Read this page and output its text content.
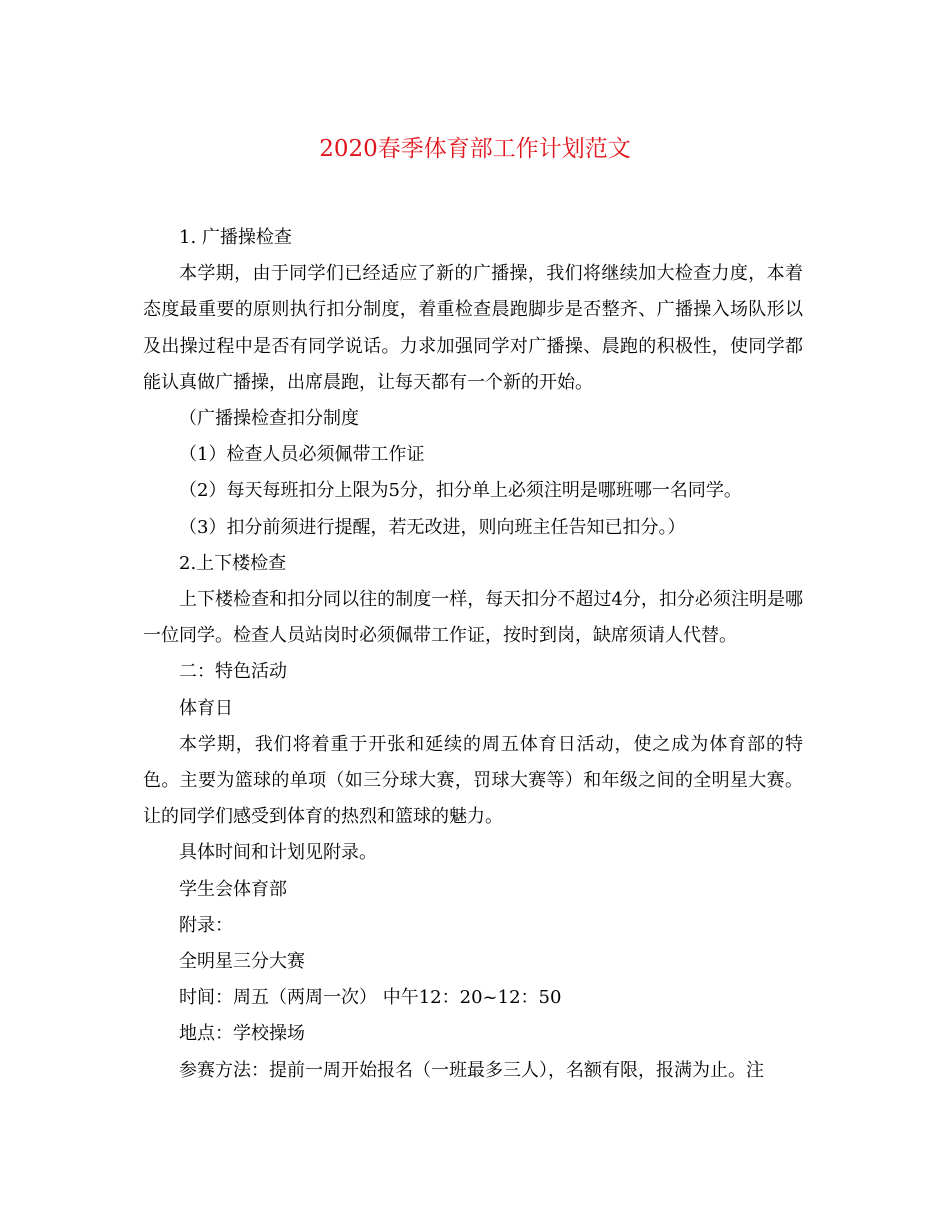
2020春季体育部工作计划范文

1. 广播操检查

本学期，由于同学们已经适应了新的广播操，我们将继续加大检查力度，本着态度最重要的原则执行扣分制度，着重检查晨跑脚步是否整齐、广播操入场队形以及出操过程中是否有同学说话。力求加强同学对广播操、晨跑的积极性，使同学都能认真做广播操，出席晨跑，让每天都有一个新的开始。

（广播操检查扣分制度

（1）检查人员必须佩带工作证

（2）每天每班扣分上限为5分，扣分单上必须注明是哪班哪一名同学。

（3）扣分前须进行提醒，若无改进，则向班主任告知已扣分。）

2.上下楼检查

上下楼检查和扣分同以往的制度一样，每天扣分不超过4分，扣分必须注明是哪一位同学。检查人员站岗时必须佩带工作证，按时到岗，缺席须请人代替。

二：特色活动

体育日

本学期，我们将着重于开张和延续的周五体育日活动，使之成为体育部的特色。主要为篮球的单项（如三分球大赛，罚球大赛等）和年级之间的全明星大赛。让的同学们感受到体育的热烈和篮球的魅力。

具体时间和计划见附录。

学生会体育部

附录：

全明星三分大赛

时间：周五（两周一次） 中午12：20~12：50

地点：学校操场

参赛方法：提前一周开始报名（一班最多三人），名额有限，报满为止。注
